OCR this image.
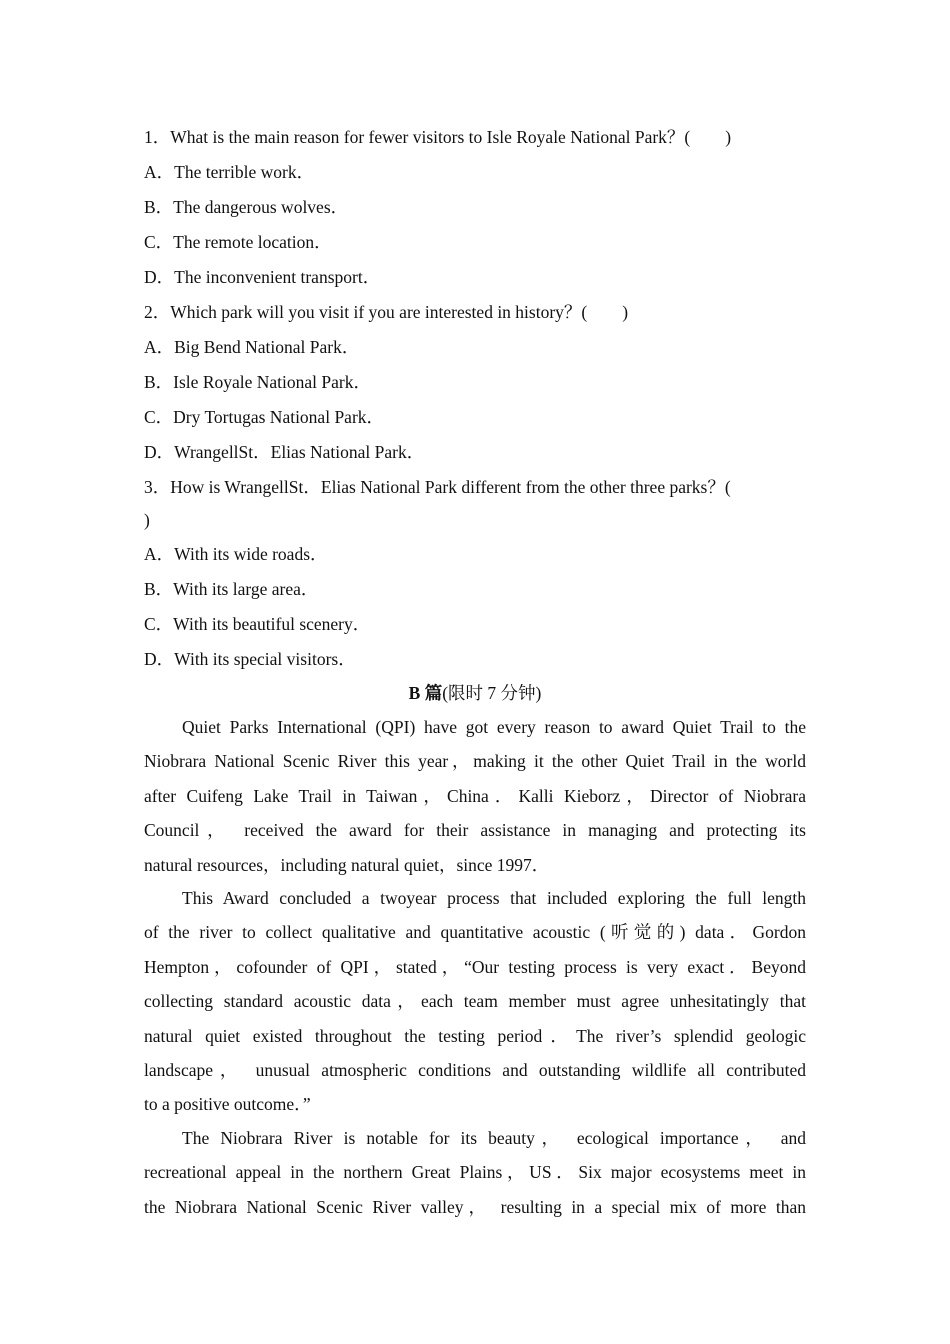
1．What is the main reason for fewer visitors to Isle Royale National Park？(　　)
A．The terrible work．
B．The dangerous wolves．
C．The remote location．
D．The inconvenient transport．
2．Which park will you visit if you are interested in history？(　　)
A．Big Bend National Park．
B．Isle Royale National Park．
C．Dry Tortugas National Park．
D．WrangellSt．Elias National Park．
3．How is WrangellSt．Elias National Park different from the other three parks？(
)
A．With its wide roads．
B．With its large area．
C．With its beautiful scenery．
D．With its special visitors．
B 篇(限时 7 分钟)
Quiet Parks International (QPI) have got every reason to award Quiet Trail to the
Niobrara National Scenic River this year，making it the other Quiet Trail in the world
after Cuifeng Lake Trail in Taiwan，China．Kalli Kieborz，Director of Niobrara
Council， received the award for their assistance in managing and protecting its
natural resources，including natural quiet，since 1997．
This Award concluded a twoyear process that included exploring the full length
of the river to collect qualitative and quantitative acoustic (听觉的) data．Gordon
Hempton，cofounder of QPI，stated，“Our testing process is very exact．Beyond
collecting standard acoustic data，each team member must agree unhesitatingly that
natural quiet existed throughout the testing period．The river’s splendid geologic
landscape， unusual atmospheric conditions and outstanding wildlife all contributed
to a positive outcome．”
The Niobrara River is notable for its beauty， ecological importance， and
recreational appeal in the northern Great Plains，US．Six major ecosystems meet in
the Niobrara National Scenic River valley， resulting in a special mix of more than
